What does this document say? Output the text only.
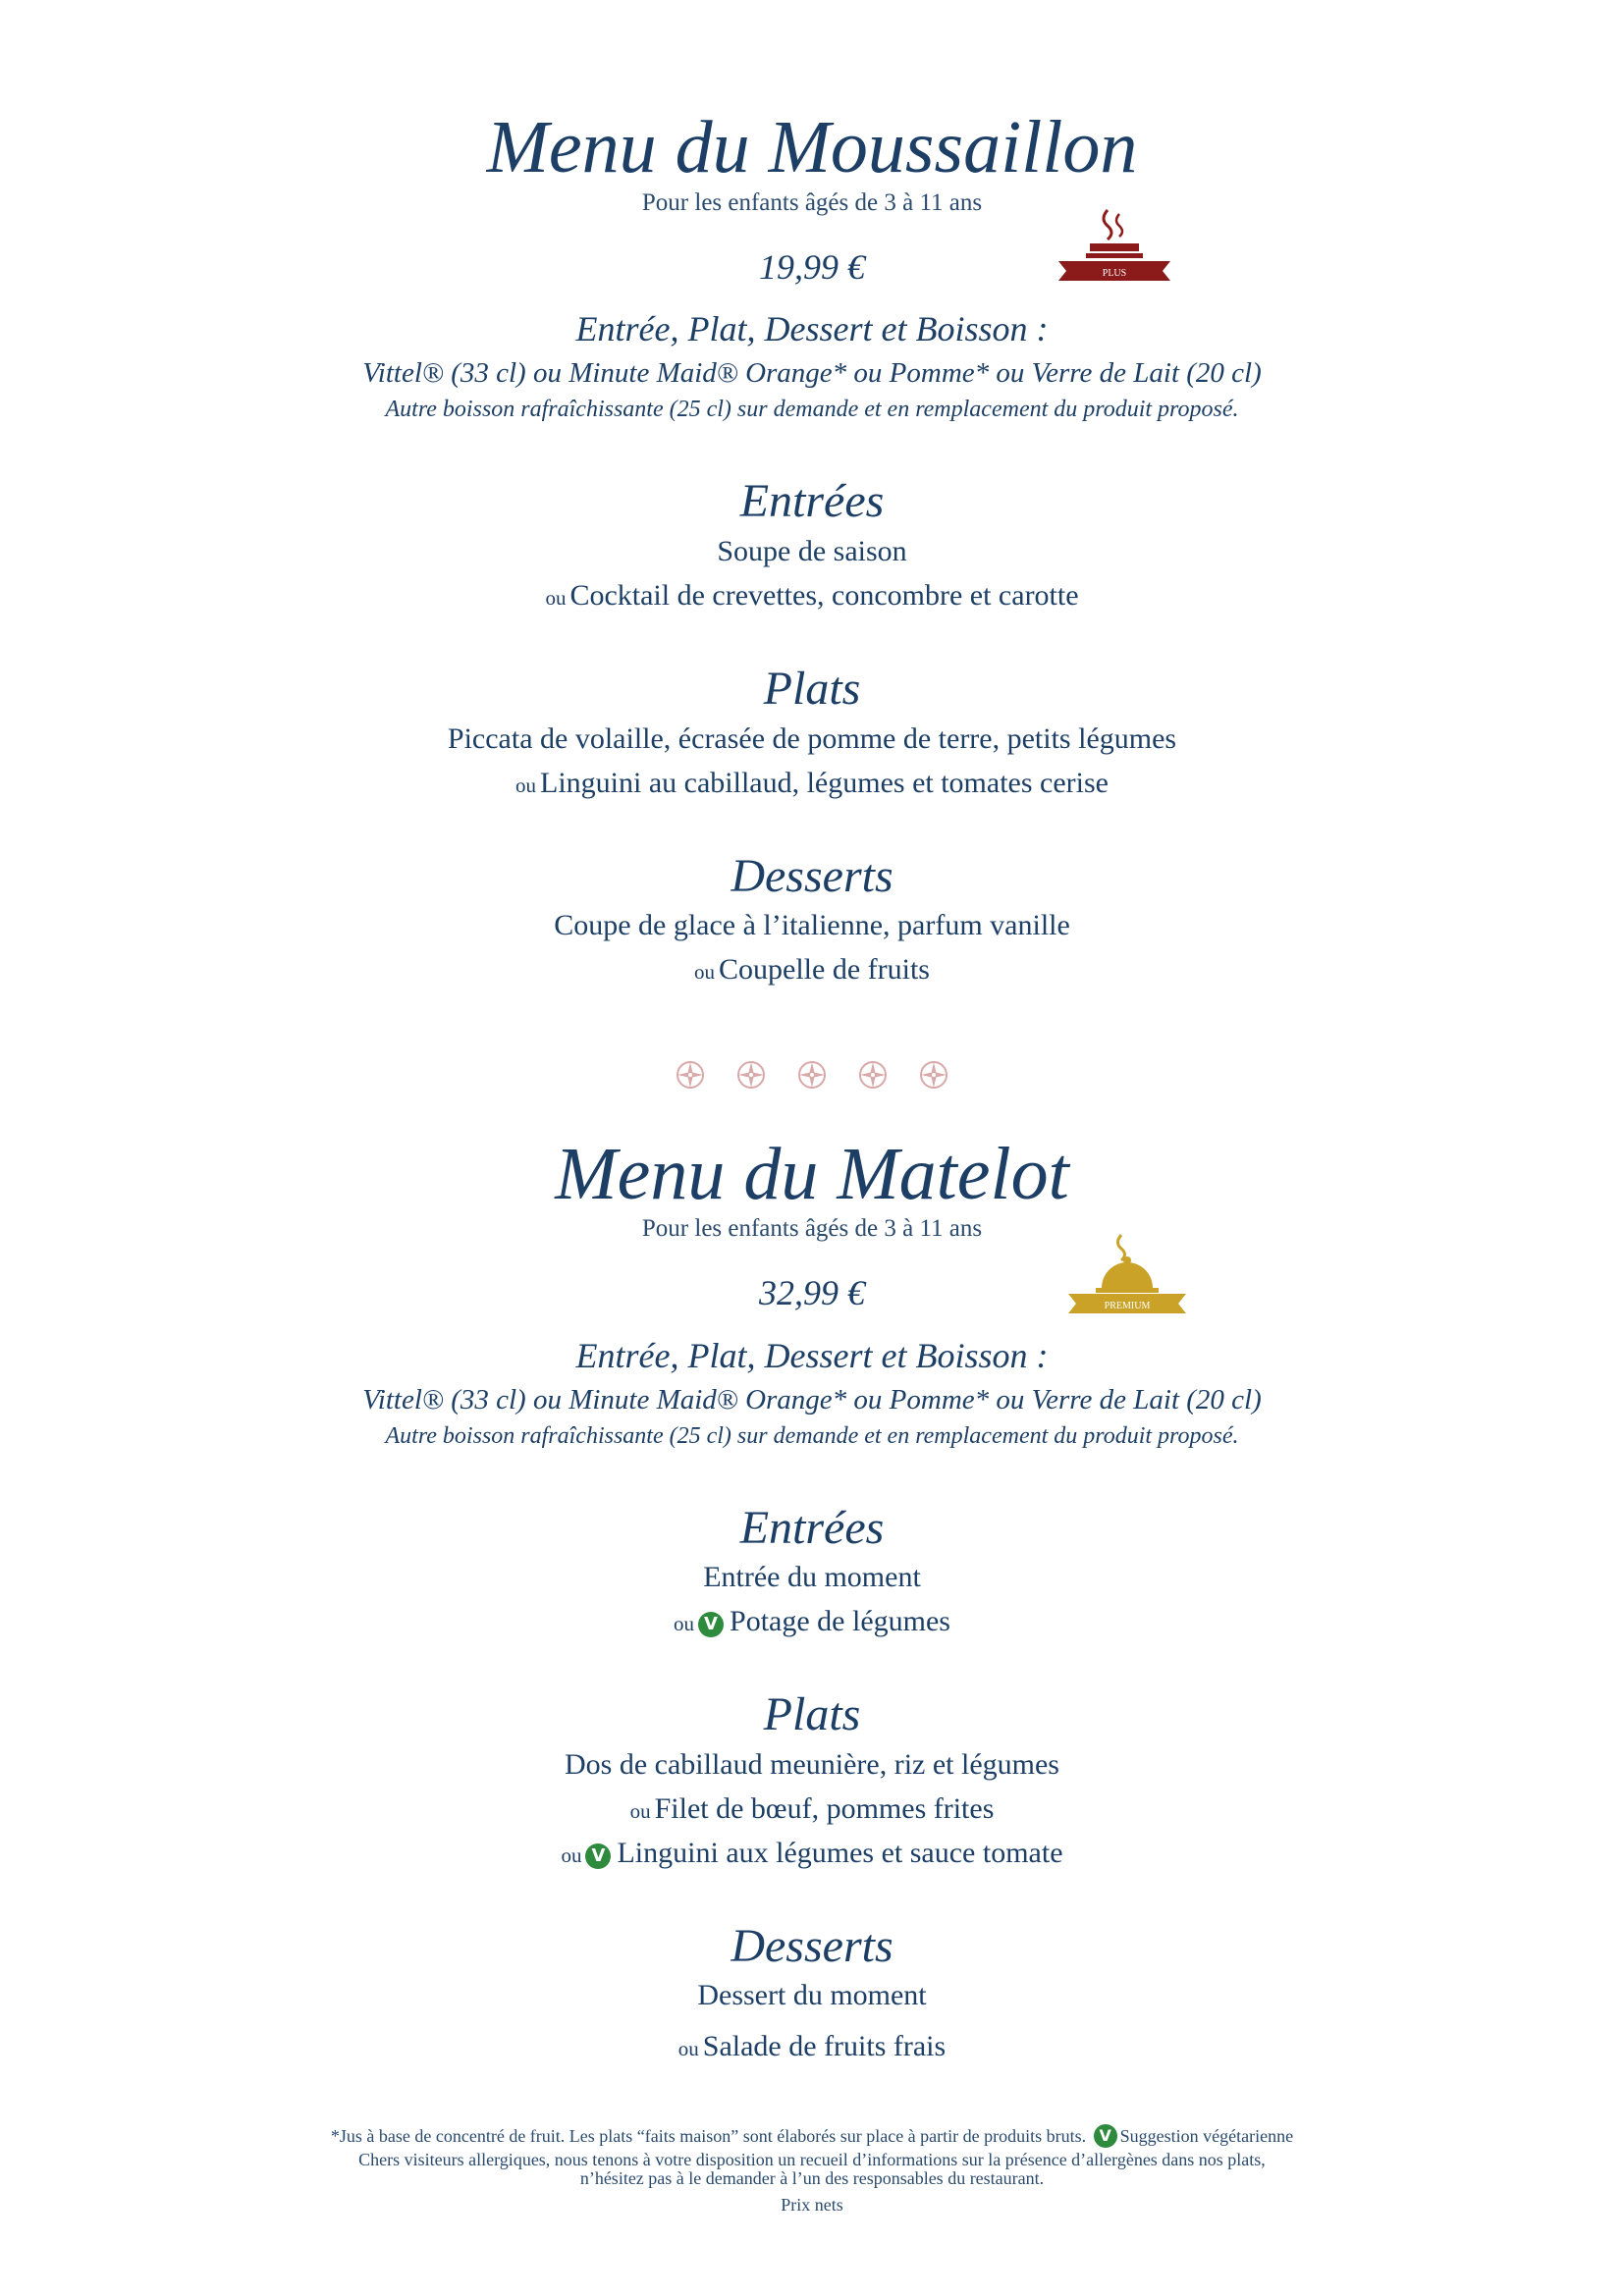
Menu du Moussaillon
Pour les enfants âgés de 3 à 11 ans
19,99 €	PLUS
Entrée, Plat, Dessert et Boisson :
Vittel® (33 cl) ou Minute Maid® Orange* ou Pomme* ou Verre de Lait (20 cl)
Autre boisson rafraîchissante (25 cl) sur demande et en remplacement du produit proposé.
Entrées
Soupe de saison
ou Cocktail de crevettes, concombre et carotte
Plats
Piccata de volaille, écrasée de pomme de terre, petits légumes
ou Linguini au cabillaud, légumes et tomates cerise
Desserts
Coupe de glace à l’italienne, parfum vanille
ou Coupelle de fruits

Menu du Matelot
Pour les enfants âgés de 3 à 11 ans
32,99 €	PREMIUM
Entrée, Plat, Dessert et Boisson :
Vittel® (33 cl) ou Minute Maid® Orange* ou Pomme* ou Verre de Lait (20 cl)
Autre boisson rafraîchissante (25 cl) sur demande et en remplacement du produit proposé.
Entrées
Entrée du moment
ou V Potage de légumes
Plats
Dos de cabillaud meunière, riz et légumes
ou Filet de bœuf, pommes frites
ou V Linguini aux légumes et sauce tomate
Desserts
Dessert du moment
ou Salade de fruits frais
*Jus à base de concentré de fruit. Les plats “faits maison” sont élaborés sur place à partir de produits bruts. V Suggestion végétarienne
Chers visiteurs allergiques, nous tenons à votre disposition un recueil d’informations sur la présence d’allergènes dans nos plats,
n’hésitez pas à le demander à l’un des responsables du restaurant.
Prix nets
